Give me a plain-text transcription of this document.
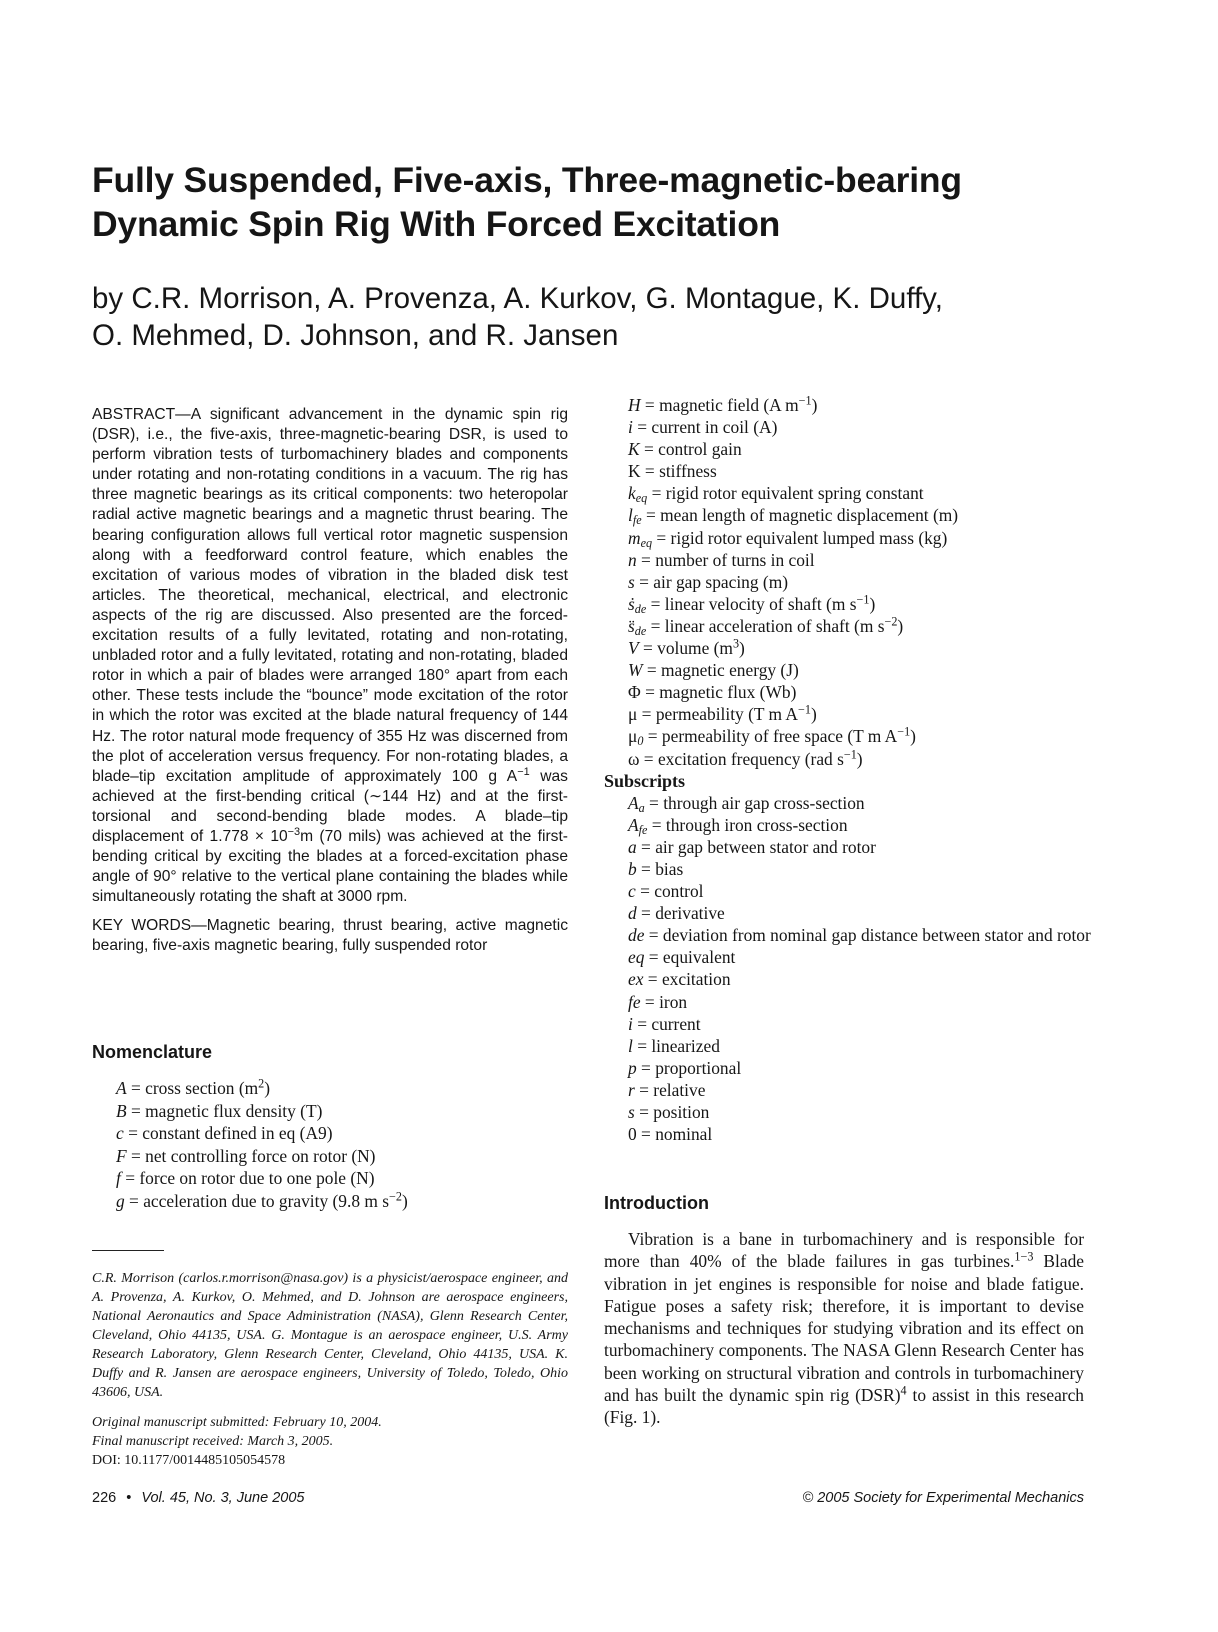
Fully Suspended, Five-axis, Three-magnetic-bearing
Dynamic Spin Rig With Forced Excitation
by C.R. Morrison, A. Provenza, A. Kurkov, G. Montague, K. Duffy,
O. Mehmed, D. Johnson, and R. Jansen

ABSTRACT—A significant advancement in the dynamic spin rig (DSR), i.e., the five-axis, three-magnetic-bearing DSR, is used to perform vibration tests of turbomachinery blades and components under rotating and non-rotating conditions in a vacuum. The rig has three magnetic bearings as its critical components: two heteropolar radial active magnetic bearings and a magnetic thrust bearing. The bearing configuration allows full vertical rotor magnetic suspension along with a feedforward control feature, which enables the excitation of various modes of vibration in the bladed disk test articles. The theoretical, mechanical, electrical, and electronic aspects of the rig are discussed. Also presented are the forced-excitation results of a fully levitated, rotating and non-rotating, unbladed rotor and a fully levitated, rotating and non-rotating, bladed rotor in which a pair of blades were arranged 180° apart from each other. These tests include the “bounce” mode excitation of the rotor in which the rotor was excited at the blade natural frequency of 144 Hz. The rotor natural mode frequency of 355 Hz was discerned from the plot of acceleration versus frequency. For non-rotating blades, a blade–tip excitation amplitude of approximately 100 g $A^{-1}$ was achieved at the first-bending critical (∼144 Hz) and at the first-torsional and second-bending blade modes. A blade–tip displacement of $1.778 \times 10^{-3}m$ (70 mils) was achieved at the first-bending critical by exciting the blades at a forced-excitation phase angle of 90° relative to the vertical plane containing the blades while simultaneously rotating the shaft at 3000 rpm.

KEY WORDS—Magnetic bearing, thrust bearing, active magnetic bearing, five-axis magnetic bearing, fully suspended rotor

Nomenclature
A = cross section $(m^2)$
B = magnetic flux density (T)
c = constant defined in eq (A9)
F = net controlling force on rotor (N)
f = force on rotor due to one pole (N)
g = acceleration due to gravity (9.8 m $s^{-2}$)
H = magnetic field (A $m^{-1}$)
i = current in coil (A)
K = control gain
K = stiffness
$k_{eq}$ = rigid rotor equivalent spring constant
$l_{fe}$ = mean length of magnetic displacement (m)
$m_{eq}$ = rigid rotor equivalent lumped mass (kg)
n = number of turns in coil
s = air gap spacing (m)
ṡ$_{de}$ = linear velocity of shaft (m $s^{-1}$)
$s̈_{de}$ = linear acceleration of shaft (m $s^{-2}$)
V = volume $(m^3)$
W = magnetic energy (J)
Φ = magnetic flux (Wb)
μ = permeability (T m $A^{-1}$)
$\mu_0$ = permeability of free space (T m $A^{-1}$)
ω = excitation frequency (rad $s^{-1}$)
Subscripts
$A_a$ = through air gap cross-section
$A_{fe}$ = through iron cross-section
a = air gap between stator and rotor
b = bias
c = control
d = derivative
de = deviation from nominal gap distance between stator and rotor
eq = equivalent
ex = excitation
fe = iron
i = current
l = linearized
p = proportional
r = relative
s = position
0 = nominal

C.R. Morrison (carlos.r.morrison@nasa.gov) is a physicist/aerospace engineer, and A. Provenza, A. Kurkov, O. Mehmed, and D. Johnson are aerospace engineers, National Aeronautics and Space Administration (NASA), Glenn Research Center, Cleveland, Ohio 44135, USA. G. Montague is an aerospace engineer, U.S. Army Research Laboratory, Glenn Research Center, Cleveland, Ohio 44135, USA. K. Duffy and R. Jansen are aerospace engineers, University of Toledo, Toledo, Ohio 43606, USA.

Original manuscript submitted: February 10, 2004.
Final manuscript received: March 3, 2005.
DOI: 10.1177/0014485105054578

Introduction
Vibration is a bane in turbomachinery and is responsible for more than 40% of the blade failures in gas turbines.$^{1-3}$ Blade vibration in jet engines is responsible for noise and blade fatigue. Fatigue poses a safety risk; therefore, it is important to devise mechanisms and techniques for studying vibration and its effect on turbomachinery components. The NASA Glenn Research Center has been working on structural vibration and controls in turbomachinery and has built the dynamic spin rig (DSR)$^4$ to assist in this research (Fig. 1).
226 • Vol. 45, No. 3, June 2005	© 2005 Society for Experimental Mechanics
